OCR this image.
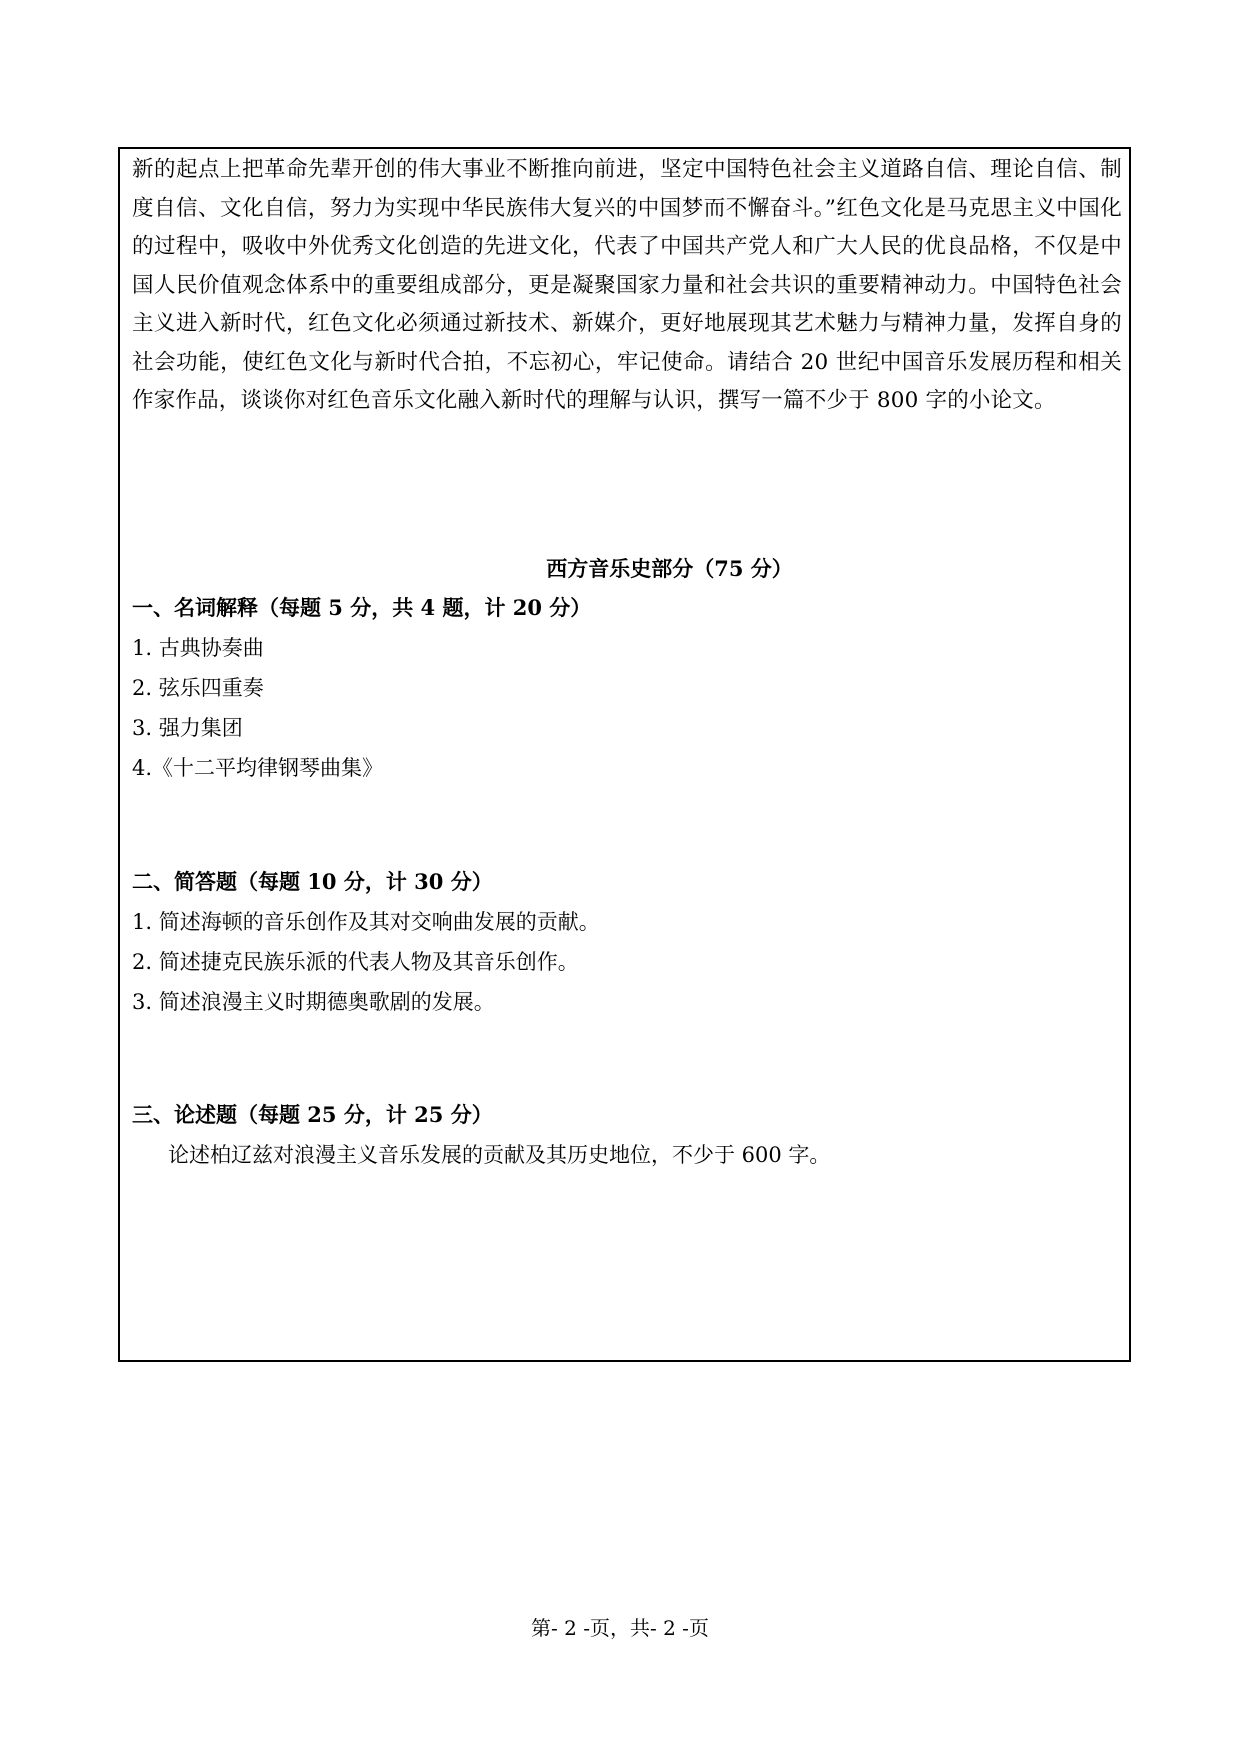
新的起点上把革命先辈开创的伟大事业不断推向前进，坚定中国特色社会主义道路自信、理论自信、制度自信、文化自信，努力为实现中华民族伟大复兴的中国梦而不懈奋斗。”红色文化是马克思主义中国化的过程中，吸收中外优秀文化创造的先进文化，代表了中国共产党人和广大人民的优良品格，不仅是中国人民价值观念体系中的重要组成部分，更是凝聚国家力量和社会共识的重要精神动力。中国特色社会主义进入新时代，红色文化必须通过新技术、新媒介，更好地展现其艺术魅力与精神力量，发挥自身的社会功能，使红色文化与新时代合拍，不忘初心，牢记使命。请结合 20 世纪中国音乐发展历程和相关作家作品，谈谈你对红色音乐文化融入新时代的理解与认识，撰写一篇不少于 800 字的小论文。
西方音乐史部分（75 分）
一、名词解释（每题 5 分，共 4 题，计 20 分）
1. 古典协奏曲
2. 弦乐四重奏
3. 强力集团
4.《十二平均律钢琴曲集》
二、简答题（每题 10 分，计 30 分）
1. 简述海顿的音乐创作及其对交响曲发展的贡献。
2. 简述捷克民族乐派的代表人物及其音乐创作。
3. 简述浪漫主义时期德奥歌剧的发展。
三、论述题（每题 25 分，计 25 分）
论述柏辽兹对浪漫主义音乐发展的贡献及其历史地位，不少于 600 字。
第- 2 -页，共- 2 -页
